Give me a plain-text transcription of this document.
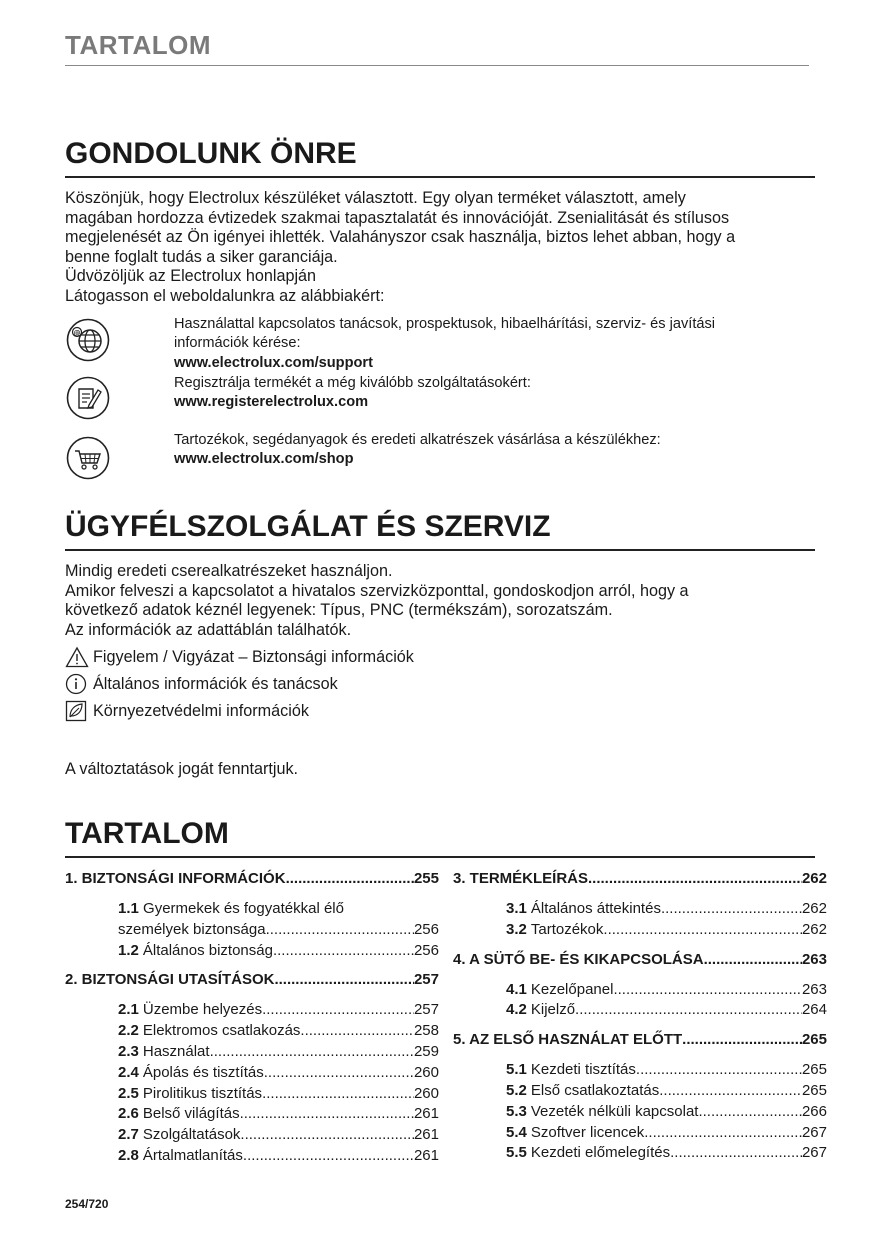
TARTALOM
GONDOLUNK ÖNRE

Köszönjük, hogy Electrolux készüléket választott. Egy olyan terméket választott, amely

magában hordozza évtizedek szakmai tapasztalatát és innovációját. Zsenialitását és stílusos

megjelenését az Ön igényei ihlették. Valahányszor csak használja, biztos lehet abban, hogy a

benne foglalt tudás a siker garanciája.

Üdvözöljük az Electrolux honlapján

Látogasson el weboldalunkra az alábbiakért:

@
Használattal kapcsolatos tanácsok, prospektusok, hibaelhárítási, szerviz- és javítási
információk kérése:
www.electrolux.com/support
Regisztrálja termékét a még kiválóbb szolgáltatásokért:
www.registerelectrolux.com
Tartozékok, segédanyagok és eredeti alkatrészek vásárlása a készülékhez:
www.electrolux.com/shop
ÜGYFÉLSZOLGÁLAT ÉS SZERVIZ

Mindig eredeti cserealkatrészeket használjon.

Amikor felveszi a kapcsolatot a hivatalos szervizközponttal, gondoskodjon arról, hogy a

következő adatok kéznél legyenek: Típus, PNC (termékszám), sorozatszám.

Az információk az adattáblán találhatók.

Figyelem / Vigyázat – Biztonsági információk
Általános információk és tanácsok
Környezetvédelmi információk
A változtatások jogát fenntartjuk.
TARTALOM
1. BIZTONSÁGI INFORMÁCIÓK .....	255
1.1 Gyermekek és fogyatékkal élő
személyek biztonsága .....	256
1.2 Általános biztonság .....	256
2. BIZTONSÁGI UTASÍTÁSOK .....	257
2.1 Üzembe helyezés .....	257
2.2 Elektromos csatlakozás .....	258
2.3 Használat .....	259
2.4 Ápolás és tisztítás .....	260
2.5 Pirolitikus tisztítás .....	260
2.6 Belső világítás .....	261
2.7 Szolgáltatások .....	261
2.8 Ártalmatlanítás .....	261
3. TERMÉKLEÍRÁS .....	262
3.1 Általános áttekintés .....	262
3.2 Tartozékok .....	262
4. A SÜTŐ BE- ÉS KIKAPCSOLÁSA .....	263
4.1 Kezelőpanel .....	263
4.2 Kijelző .....	264
5. AZ ELSŐ HASZNÁLAT ELŐTT .....	265
5.1 Kezdeti tisztítás .....	265
5.2 Első csatlakoztatás .....	265
5.3 Vezeték nélküli kapcsolat .....	266
5.4 Szoftver licencek .....	267
5.5 Kezdeti előmelegítés .....	267
254/720
